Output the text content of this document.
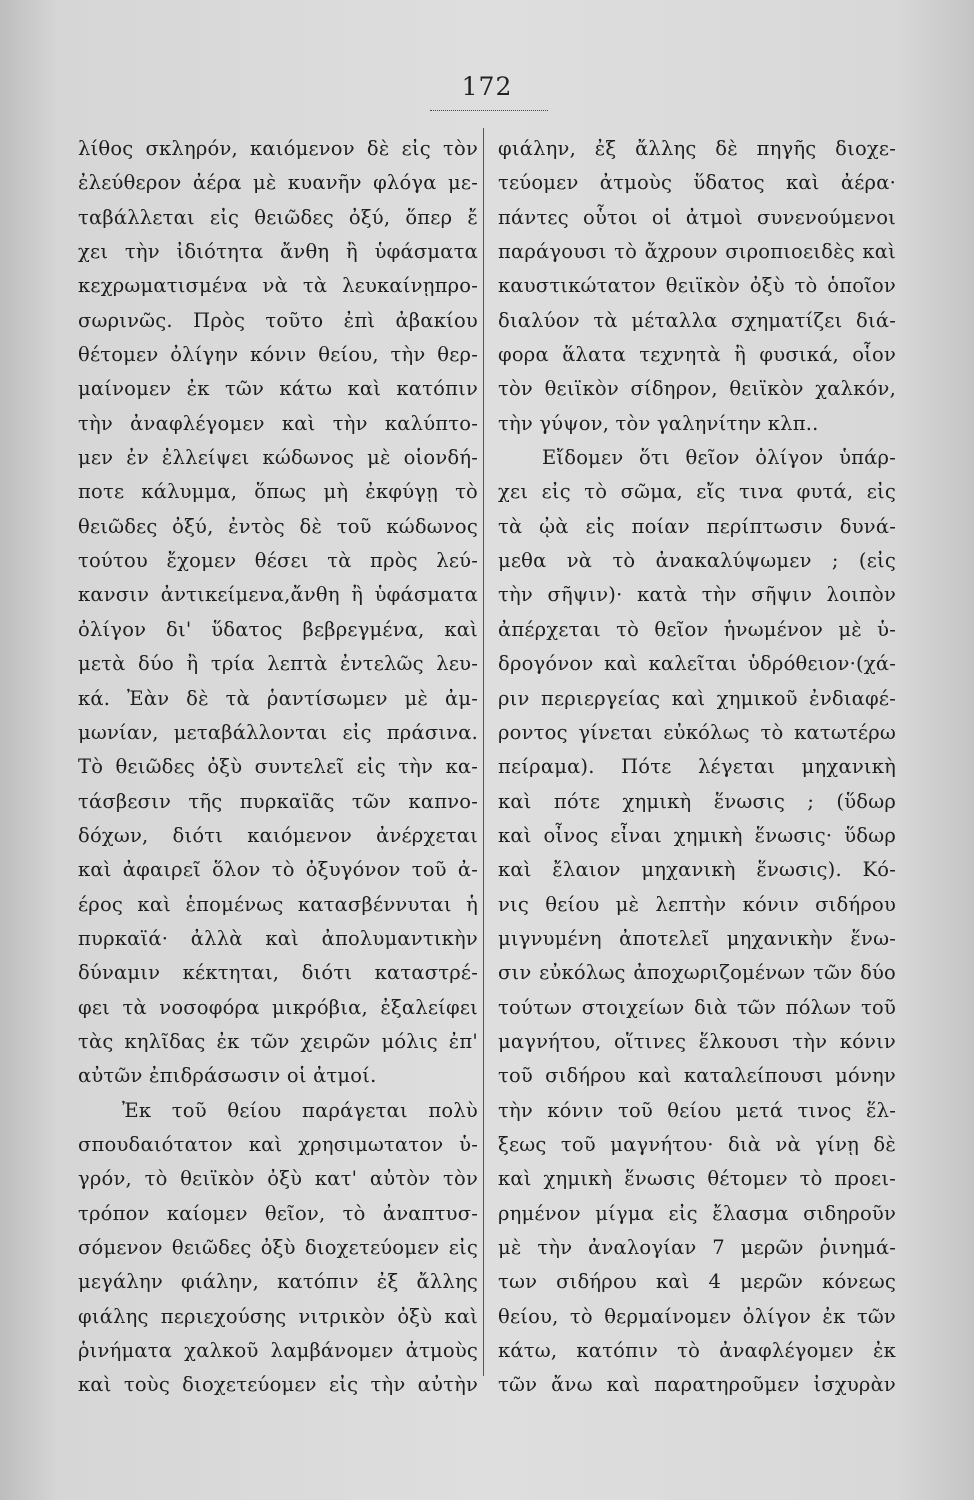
172
λίθος σκληρόν, καιόμενον δὲ εἰς τὸν
ἐλεύθερον ἀέρα μὲ κυανῆν φλόγα με-
ταβάλλεται εἰς θειῶδες ὀξύ, ὅπερ ἔ
χει τὴν ἰδιότητα ἄνθη ἢ ὑφάσματα
κεχρωματισμένα νὰ τὰ λευκαίνῃπρο-
σωρινῶς. Πρὸς τοῦτο ἐπὶ ἀβακίου
θέτομεν ὀλίγην κόνιν θείου, τὴν θερ-
μαίνομεν ἐκ τῶν κάτω καὶ κατόπιν
τὴν ἀναφλέγομεν καὶ τὴν καλύπτο-
μεν ἐν ἐλλείψει κώδωνος μὲ οἱονδή-
ποτε κάλυμμα, ὅπως μὴ ἐκφύγῃ τὸ
θειῶδες ὀξύ, ἐντὸς δὲ τοῦ κώδωνος
τούτου ἔχομεν θέσει τὰ πρὸς λεύ-
κανσιν ἀντικείμενα,ἄνθη ἢ ὑφάσματα
ὀλίγον δι' ὕδατος βεβρεγμένα, καὶ
μετὰ δύο ἢ τρία λεπτὰ ἐντελῶς λευ-
κά. Ἐὰν δὲ τὰ ῥαντίσωμεν μὲ ἀμ-
μωνίαν, μεταβάλλονται εἰς πράσινα.
Τὸ θειῶδες ὀξὺ συντελεῖ εἰς τὴν κα-
τάσβεσιν τῆς πυρκαϊᾶς τῶν καπνο-
δόχων, διότι καιόμενον ἀνέρχεται
καὶ ἀφαιρεῖ ὅλον τὸ ὀξυγόνον τοῦ ἀ-
έρος καὶ ἑπομένως κατασβέννυται ἡ
πυρκαϊά· ἀλλὰ καὶ ἀπολυμαντικὴν
δύναμιν κέκτηται, διότι καταστρέ-
φει τὰ νοσοφόρα μικρόβια, ἐξαλείφει
τὰς κηλῖδας ἐκ τῶν χειρῶν μόλις ἐπ'
αὐτῶν ἐπιδράσωσιν οἱ ἀτμοί.
Ἐκ τοῦ θείου παράγεται πολὺ
σπουδαιότατον καὶ χρησιμωτατον ὑ-
γρόν, τὸ θειϊκὸν ὀξὺ κατ' αὐτὸν τὸν
τρόπον καίομεν θεῖον, τὸ ἀναπτυσ-
σόμενον θειῶδες ὀξὺ διοχετεύομεν εἰς
μεγάλην φιάλην, κατόπιν ἐξ ἄλλης
φιάλης περιεχούσης νιτρικὸν ὀξὺ καὶ
ῥινήματα χαλκοῦ λαμβάνομεν ἀτμοὺς
καὶ τοὺς διοχετεύομεν εἰς τὴν αὐτὴν
φιάλην, ἐξ ἄλλης δὲ πηγῆς διοχε-
τεύομεν ἀτμοὺς ὕδατος καὶ ἀέρα·
πάντες οὗτοι οἱ ἀτμοὶ συνενούμενοι
παράγουσι τὸ ἄχρουν σιροπιοειδὲς καὶ
καυστικώτατον θειϊκὸν ὀξὺ τὸ ὁποῖον
διαλύον τὰ μέταλλα σχηματίζει διά-
φορα ἅλατα τεχνητὰ ἢ φυσικά, οἷον
τὸν θειϊκὸν σίδηρον, θειϊκὸν χαλκόν,
τὴν γύψον, τὸν γαληνίτην κλπ..
Εἴδομεν ὅτι θεῖον ὀλίγον ὑπάρ-
χει εἰς τὸ σῶμα, εἴς τινα φυτά, εἰς
τὰ ᾠὰ εἰς ποίαν περίπτωσιν δυνά-
μεθα νὰ τὸ ἀνακαλύψωμεν ; (εἰς
τὴν σῆψιν)· κατὰ τὴν σῆψιν λοιπὸν
ἀπέρχεται τὸ θεῖον ἡνωμένον μὲ ὑ-
δρογόνον καὶ καλεῖται ὑδρόθειον·(χά-
ριν περιεργείας καὶ χημικοῦ ἐνδιαφέ-
ροντος γίνεται εὐκόλως τὸ κατωτέρω
πείραμα). Πότε λέγεται μηχανικὴ
καὶ πότε χημικὴ ἕνωσις ; (ὕδωρ
καὶ οἶνος εἶναι χημικὴ ἕνωσις· ὕδωρ
καὶ ἔλαιον μηχανικὴ ἕνωσις). Κό-
νις θείου μὲ λεπτὴν κόνιν σιδήρου
μιγνυμένη ἀποτελεῖ μηχανικὴν ἕνω-
σιν εὐκόλως ἀποχωριζομένων τῶν δύο
τούτων στοιχείων διὰ τῶν πόλων τοῦ
μαγνήτου, οἵτινες ἕλκουσι τὴν κόνιν
τοῦ σιδήρου καὶ καταλείπουσι μόνην
τὴν κόνιν τοῦ θείου μετά τινος ἕλ-
ξεως τοῦ μαγνήτου· διὰ νὰ γίνῃ δὲ
καὶ χημικὴ ἕνωσις θέτομεν τὸ προει-
ρημένον μίγμα εἰς ἔλασμα σιδηροῦν
μὲ τὴν ἀναλογίαν 7 μερῶν ῥινημά-
των σιδήρου καὶ 4 μερῶν κόνεως
θείου, τὸ θερμαίνομεν ὀλίγον ἐκ τῶν
κάτω, κατόπιν τὸ ἀναφλέγομεν ἐκ
τῶν ἄνω καὶ παρατηροῦμεν ἰσχυρὰν
